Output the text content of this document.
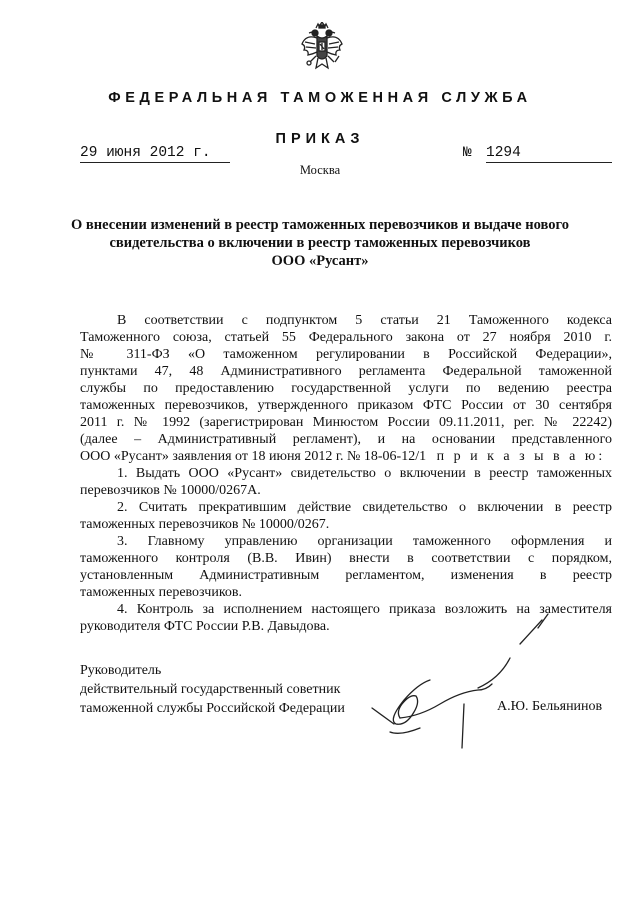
ФЕДЕРАЛЬНАЯ ТАМОЖЕННАЯ СЛУЖБА
ПРИКАЗ
29 июня 2012 г.	№ 1294
Москва
О внесении изменений в реестр таможенных перевозчиков и выдаче нового
свидетельства о включении в реестр таможенных перевозчиков
ООО «Русант»

В соответствии с подпунктом 5 статьи 21 Таможенного кодекса

Таможенного союза, статьей 55 Федерального закона от 27 ноября 2010 г.

№ 311-ФЗ «О таможенном регулировании в Российской Федерации»,

пунктами 47, 48 Административного регламента Федеральной таможенной

службы по предоставлению государственной услуги по ведению реестра

таможенных перевозчиков, утвержденного приказом ФТС России от 30 сентября

2011 г. № 1992 (зарегистрирован Минюстом России 09.11.2011, рег. № 22242)

(далее – Административный регламент), и на основании представленного

ООО «Русант» заявления от 18 июня 2012 г. № 18-06-12/1 п р и к а з ы в а ю:

1. Выдать ООО «Русант» свидетельство о включении в реестр таможенных

перевозчиков № 10000/0267А.

2. Считать прекратившим действие свидетельство о включении в реестр

таможенных перевозчиков № 10000/0267.

3. Главному управлению организации таможенного оформления и

таможенного контроля (В.В. Ивин) внести в соответствии с порядком,

установленным Административным регламентом, изменения в реестр

таможенных перевозчиков.

4. Контроль за исполнением настоящего приказа возложить на заместителя

руководителя ФТС России Р.В. Давыдова.

Руководитель
действительный государственный советник
таможенной службы Российской Федерации	А.Ю. Бельянинов
